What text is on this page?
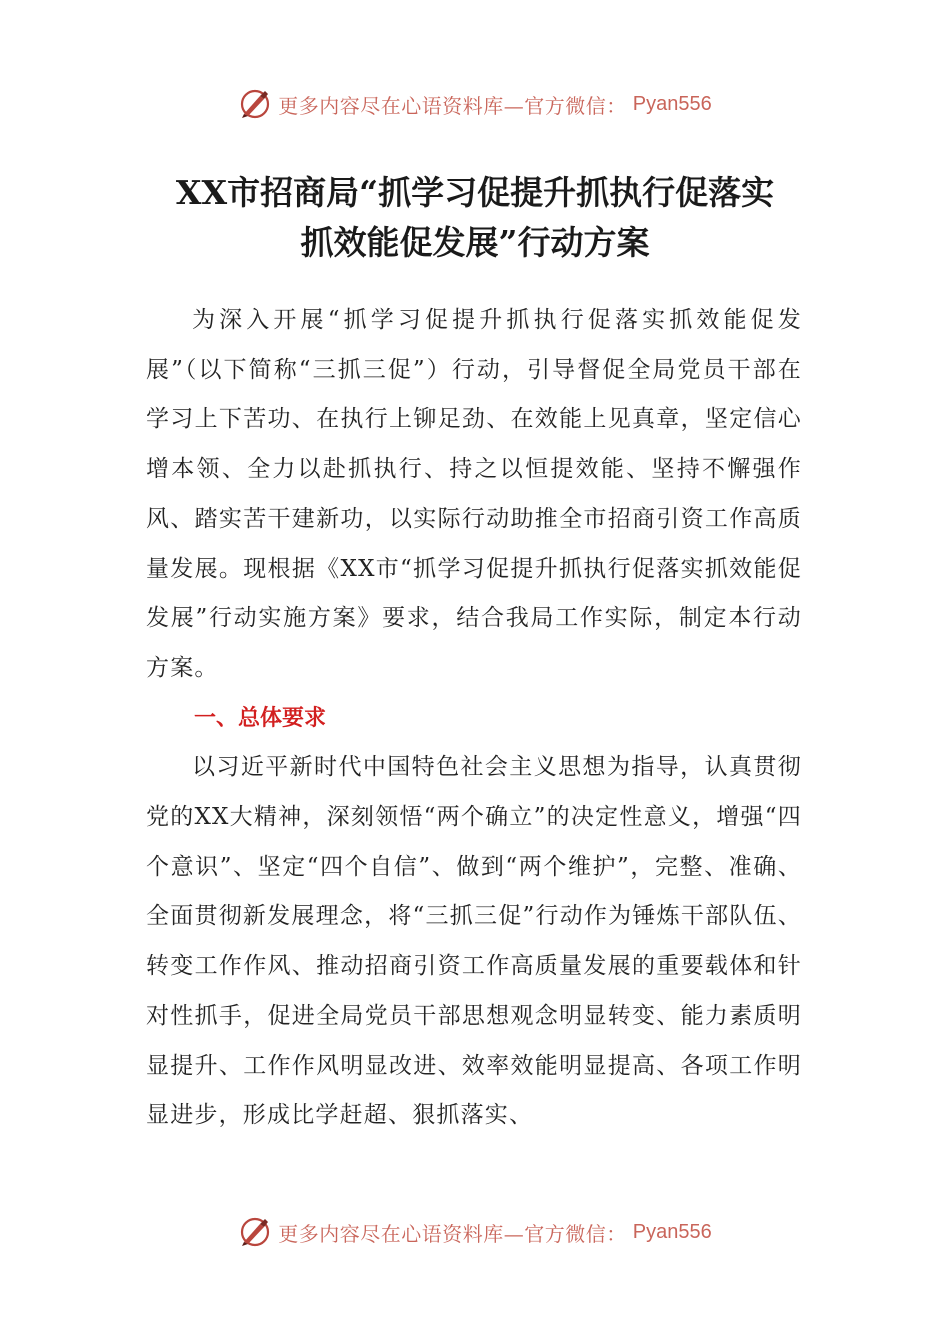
更多内容尽在心语资料库—官方微信： Pyan556
XX市招商局“抓学习促提升抓执行促落实
抓效能促发展”行动方案

为深入开展“抓学习促提升抓执行促落实抓效能促发展”（以下简称“三抓三促”）行动，引导督促全局党员干部在学习上下苦功、在执行上铆足劲、在效能上见真章，坚定信心增本领、全力以赴抓执行、持之以恒提效能、坚持不懈强作风、踏实苦干建新功，以实际行动助推全市招商引资工作高质量发展。现根据《XX市“抓学习促提升抓执行促落实抓效能促发展”行动实施方案》要求，结合我局工作实际，制定本行动方案。

一、总体要求

以习近平新时代中国特色社会主义思想为指导，认真贯彻党的XX大精神，深刻领悟“两个确立”的决定性意义，增强“四个意识”、坚定“四个自信”、做到“两个维护”，完整、准确、全面贯彻新发展理念，将“三抓三促”行动作为锤炼干部队伍、转变工作作风、推动招商引资工作高质量发展的重要载体和针对性抓手，促进全局党员干部思想观念明显转变、能力素质明显提升、工作作风明显改进、效率效能明显提高、各项工作明显进步，形成比学赶超、狠抓落实、

更多内容尽在心语资料库—官方微信： Pyan556
